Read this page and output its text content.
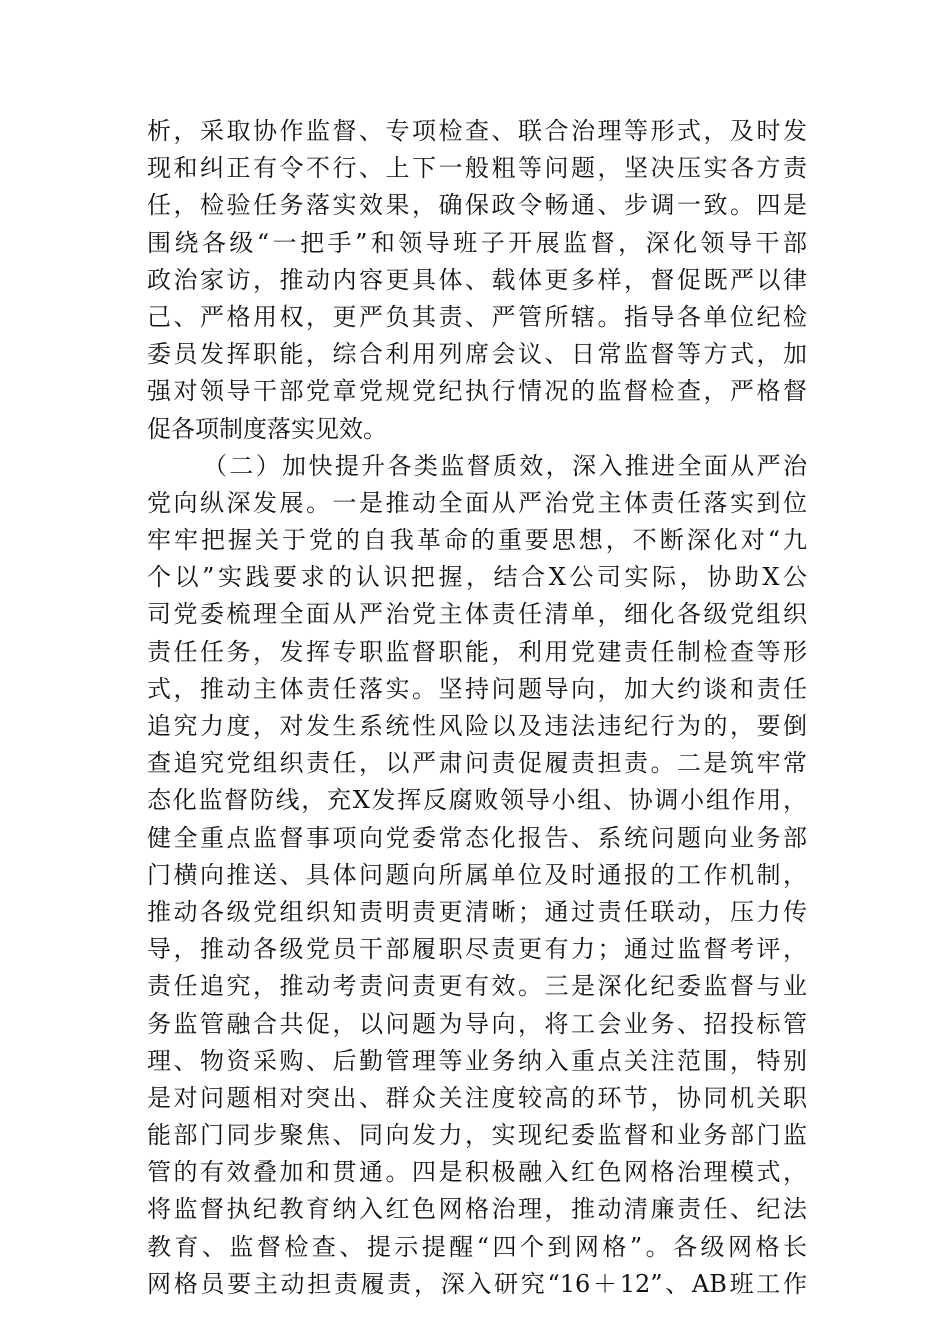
析，采取协作监督、专项检查、联合治理等形式，及时发
现和纠正有令不行、上下一般粗等问题，坚决压实各方责
任，检验任务落实效果，确保政令畅通、步调一致。四是
围绕各级“一把手”和领导班子开展监督，深化领导干部
政治家访，推动内容更具体、载体更多样，督促既严以律
己、严格用权，更严负其责、严管所辖。指导各单位纪检
委员发挥职能，综合利用列席会议、日常监督等方式，加
强对领导干部党章党规党纪执行情况的监督检查，严格督
促各项制度落实见效。
（二）加快提升各类监督质效，深入推进全面从严治
党向纵深发展。一是推动全面从严治党主体责任落实到位
牢牢把握关于党的自我革命的重要思想，不断深化对“九
个以”实践要求的认识把握，结合X公司实际，协助X公
司党委梳理全面从严治党主体责任清单，细化各级党组织
责任任务，发挥专职监督职能，利用党建责任制检查等形
式，推动主体责任落实。坚持问题导向，加大约谈和责任
追究力度，对发生系统性风险以及违法违纪行为的，要倒
查追究党组织责任，以严肃问责促履责担责。二是筑牢常
态化监督防线，充X发挥反腐败领导小组、协调小组作用，
健全重点监督事项向党委常态化报告、系统问题向业务部
门横向推送、具体问题向所属单位及时通报的工作机制，
推动各级党组织知责明责更清晰；通过责任联动，压力传
导，推动各级党员干部履职尽责更有力；通过监督考评，
责任追究，推动考责问责更有效。三是深化纪委监督与业
务监管融合共促，以问题为导向，将工会业务、招投标管
理、物资采购、后勤管理等业务纳入重点关注范围，特别
是对问题相对突出、群众关注度较高的环节，协同机关职
能部门同步聚焦、同向发力，实现纪委监督和业务部门监
管的有效叠加和贯通。四是积极融入红色网格治理模式，
将监督执纪教育纳入红色网格治理，推动清廉责任、纪法
教育、监督检查、提示提醒“四个到网格”。各级网格长
网格员要主动担责履责，深入研究“16＋12”、AB班工作
